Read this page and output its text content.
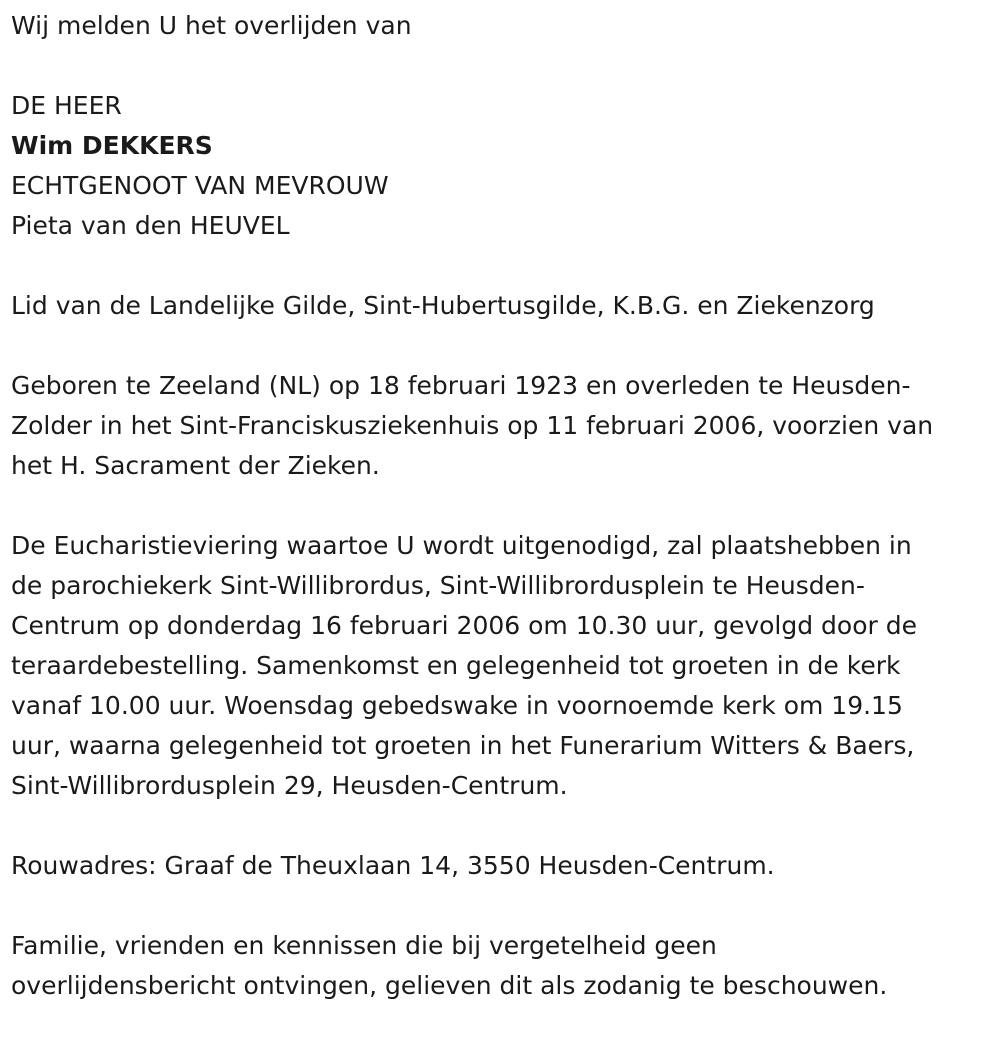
Wij melden U het overlijden van
DE HEER
Wim DEKKERS
ECHTGENOOT VAN MEVROUW
Pieta van den HEUVEL
Lid van de Landelijke Gilde, Sint-Hubertusgilde, K.B.G. en Ziekenzorg

Geboren te Zeeland (NL) op 18 februari 1923 en overleden te Heusden-
Zolder in het Sint-Franciskusziekenhuis op 11 februari 2006, voorzien van
het H. Sacrament der Zieken.

De Eucharistieviering waartoe U wordt uitgenodigd, zal plaatshebben in
de parochiekerk Sint-Willibrordus, Sint-Willibrordusplein te Heusden-
Centrum op donderdag 16 februari 2006 om 10.30 uur, gevolgd door de
teraardebestelling. Samenkomst en gelegenheid tot groeten in de kerk
vanaf 10.00 uur. Woensdag gebedswake in voornoemde kerk om 19.15
uur, waarna gelegenheid tot groeten in het Funerarium Witters & Baers,
Sint-Willibrordusplein 29, Heusden-Centrum.

Rouwadres: Graaf de Theuxlaan 14, 3550 Heusden-Centrum.

Familie, vrienden en kennissen die bij vergetelheid geen
overlijdensbericht ontvingen, gelieven dit als zodanig te beschouwen.
